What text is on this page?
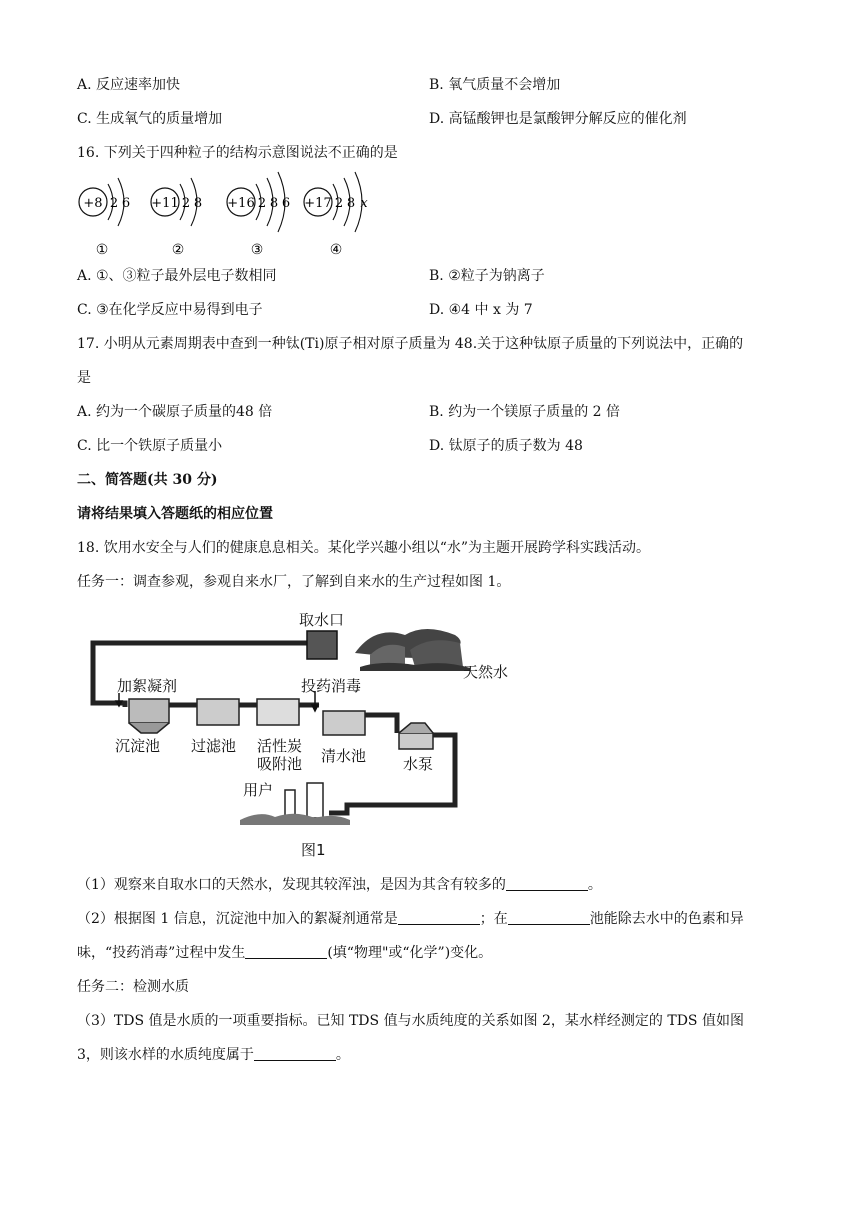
A. 反应速率加快	B. 氧气质量不会增加
C. 生成氧气的质量增加	D. 高锰酸钾也是氯酸钾分解反应的催化剂
16. 下列关于四种粒子的结构示意图说法不正确的是
+8 2 6
①
+11 2 8
②
+16 2 8 6
③
+17 2 8 x
④
A. ①、③粒子最外层电子数相同	B. ②粒子为钠离子
C. ③在化学反应中易得到电子	D. ④4 中 x 为 7
17. 小明从元素周期表中查到一种钛(Ti)原子相对原子质量为 48.关于这种钛原子质量的下列说法中，正确的
是
A. 约为一个碳原子质量的48 倍	B. 约为一个镁原子质量的 2 倍
C. 比一个铁原子质量小	D. 钛原子的质子数为 48
二、简答题(共 30 分)
请将结果填入答题纸的相应位置
18. 饮用水安全与人们的健康息息相关。某化学兴趣小组以“水”为主题开展跨学科实践活动。
任务一：调查参观，参观自来水厂，了解到自来水的生产过程如图 1。
取水口
天然水
加絮凝剂	投药消毒
沉淀池 过滤池 活性炭
吸附池 清水池 水泵
用户
图1
（1）观察来自取水口的天然水，发现其较浑浊，是因为其含有较多的	。
（2）根据图 1 信息，沉淀池中加入的絮凝剂通常是	；在	池能除去水中的色素和异
味，“投药消毒”过程中发生	(填“物理"或“化学”)变化。
任务二：检测水质
（3）TDS 值是水质的一项重要指标。已知 TDS 值与水质纯度的关系如图 2，某水样经测定的 TDS 值如图
3，则该水样的水质纯度属于	。
